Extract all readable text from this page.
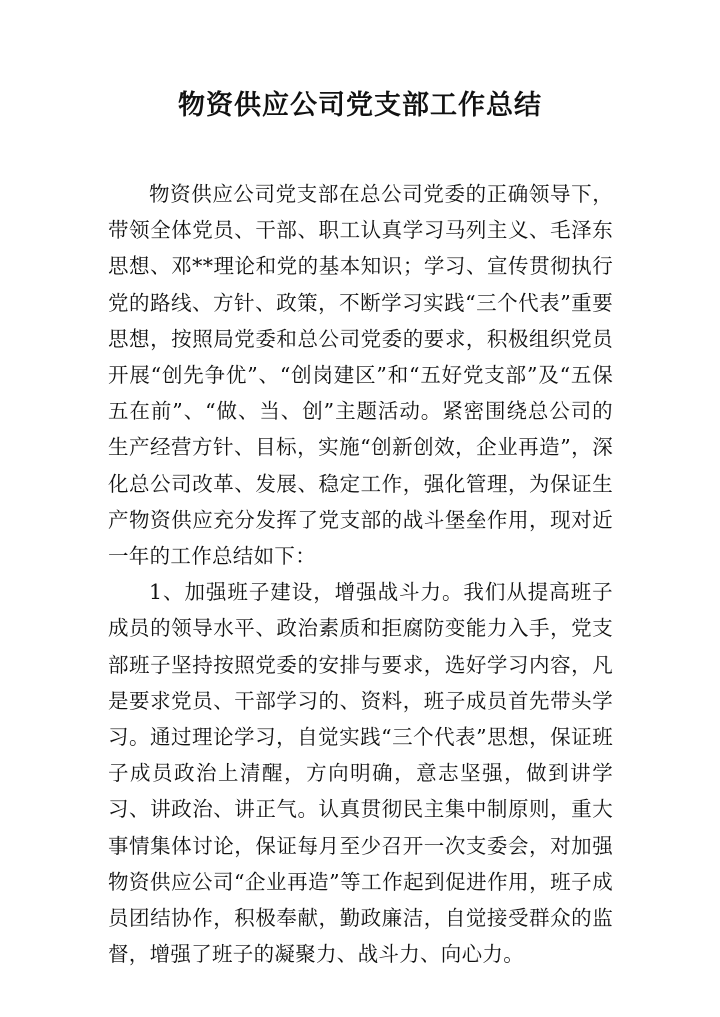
物资供应公司党支部工作总结

物资供应公司党支部在总公司党委的正确领导下，带领全体党员、干部、职工认真学习马列主义、毛泽东思想、邓**理论和党的基本知识；学习、宣传贯彻执行党的路线、方针、政策，不断学习实践“三个代表”重要思想，按照局党委和总公司党委的要求，积极组织党员开展“创先争优”、“创岗建区”和“五好党支部”及“五保五在前”、“做、当、创”主题活动。紧密围绕总公司的生产经营方针、目标，实施“创新创效，企业再造”，深化总公司改革、发展、稳定工作，强化管理，为保证生产物资供应充分发挥了党支部的战斗堡垒作用，现对近一年的工作总结如下：

1、加强班子建设，增强战斗力。我们从提高班子成员的领导水平、政治素质和拒腐防变能力入手，党支部班子坚持按照党委的安排与要求，选好学习内容，凡是要求党员、干部学习的、资料，班子成员首先带头学习。通过理论学习，自觉实践“三个代表”思想，保证班子成员政治上清醒，方向明确，意志坚强，做到讲学习、讲政治、讲正气。认真贯彻民主集中制原则，重大事情集体讨论，保证每月至少召开一次支委会，对加强物资供应公司“企业再造”等工作起到促进作用，班子成员团结协作，积极奉献，勤政廉洁，自觉接受群众的监督，增强了班子的凝聚力、战斗力、向心力。
